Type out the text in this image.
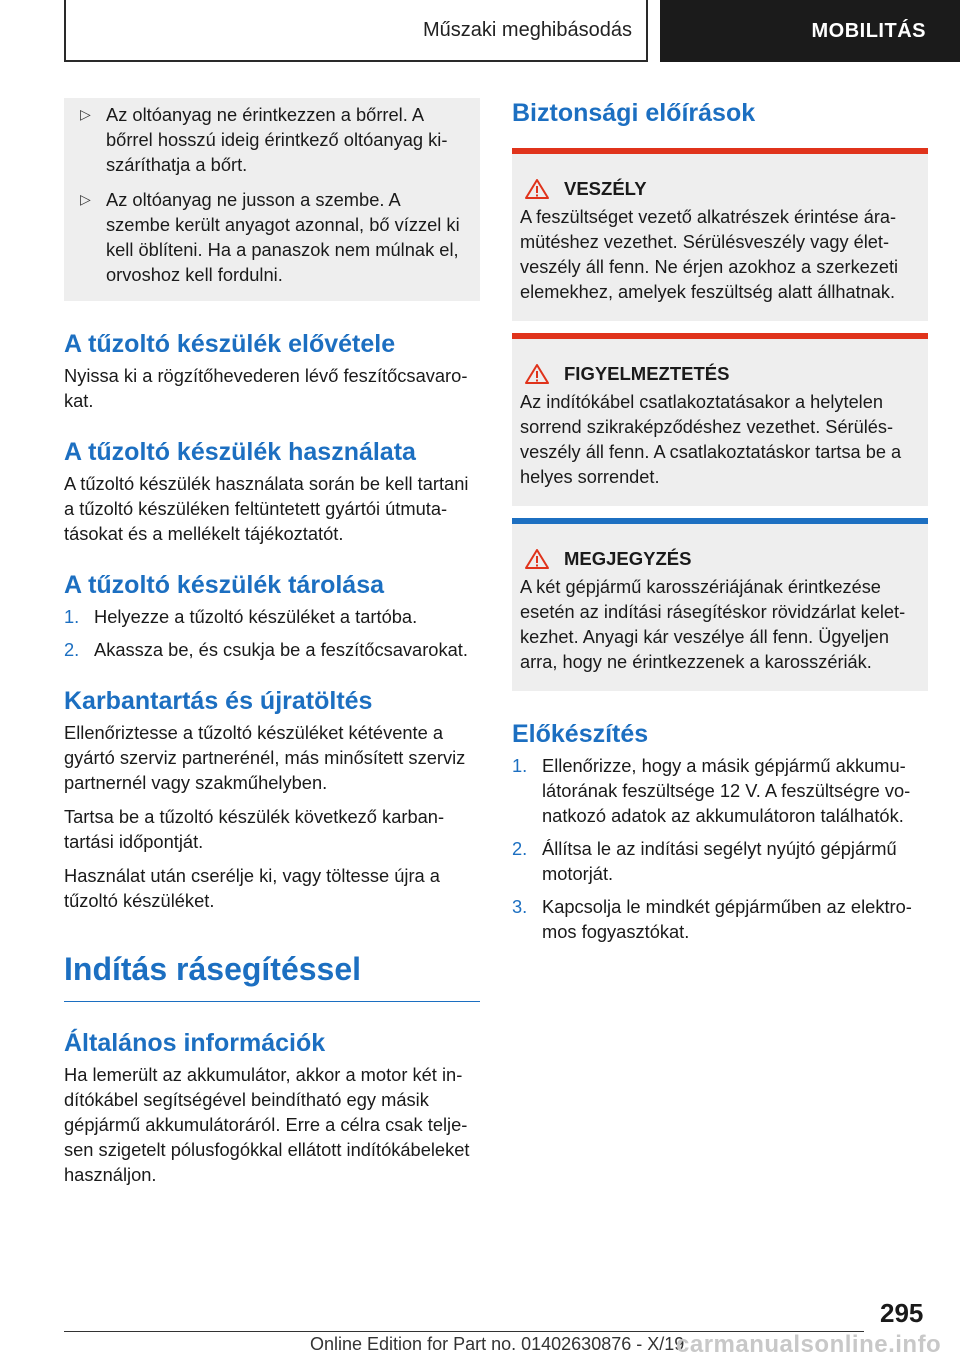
Műszaki meghibásodás	MOBILITÁS
▷ Az oltóanyag ne érintkezzen a bőrrel. A bőrrel hosszú ideig érintkező oltóanyag kiszáríthatja a bőrt.
▷ Az oltóanyag ne jusson a szembe. A szembe került anyagot azonnal, bő vízzel ki kell öblíteni. Ha a panaszok nem múlnak el, orvoshoz kell fordulni.
A tűzoltó készülék elővétele

Nyissa ki a rögzítőhevederen lévő feszítőcsavarokat.

A tűzoltó készülék használata

A tűzoltó készülék használata során be kell tartani a tűzoltó készüléken feltüntetett gyártói útmutatásokat és a mellékelt tájékoztatót.

A tűzoltó készülék tárolása
1. Helyezze a tűzoltó készüléket a tartóba.
2. Akassza be, és csukja be a feszítőcsavarokat.
Karbantartás és újratöltés

Ellenőriztesse a tűzoltó készüléket kétévente a gyártó szerviz partnerénél, más minősített szerviz partnernél vagy szakműhelyben.

Tartsa be a tűzoltó készülék következő karbantartási időpontját.

Használat után cserélje ki, vagy töltesse újra a tűzoltó készüléket.

Indítás rásegítéssel
Általános információk

Ha lemerült az akkumulátor, akkor a motor két indítókábel segítségével beindítható egy másik gépjármű akkumulátoráról. Erre a célra csak teljesen szigetelt pólusfogókkal ellátott indítókábeleket használjon.

Biztonsági előírások
VESZÉLY
A feszültséget vezető alkatrészek érintése áramütéshez vezethet. Sérülésveszély vagy életveszély áll fenn. Ne érjen azokhoz a szerkezeti elemekhez, amelyek feszültség alatt állhatnak.
FIGYELMEZTETÉS
Az indítókábel csatlakoztatásakor a helytelen sorrend szikraképződéshez vezethet. Sérülésveszély áll fenn. A csatlakoztatáskor tartsa be a helyes sorrendet.
MEGJEGYZÉS
A két gépjármű karosszériájának érintkezése esetén az indítási rásegítéskor rövidzárlat keletkezhet. Anyagi kár veszélye áll fenn. Ügyeljen arra, hogy ne érintkezzenek a karosszériák.
Előkészítés
1. Ellenőrizze, hogy a másik gépjármű akkumulátorának feszültsége 12 V. A feszültségre vonatkozó adatok az akkumulátoron találhatók.
2. Állítsa le az indítási segélyt nyújtó gépjármű motorját.
3. Kapcsolja le mindkét gépjárműben az elektromos fogyasztókat.
295
Online Edition for Part no. 01402630876 - X/19
carmanualsonline.info
